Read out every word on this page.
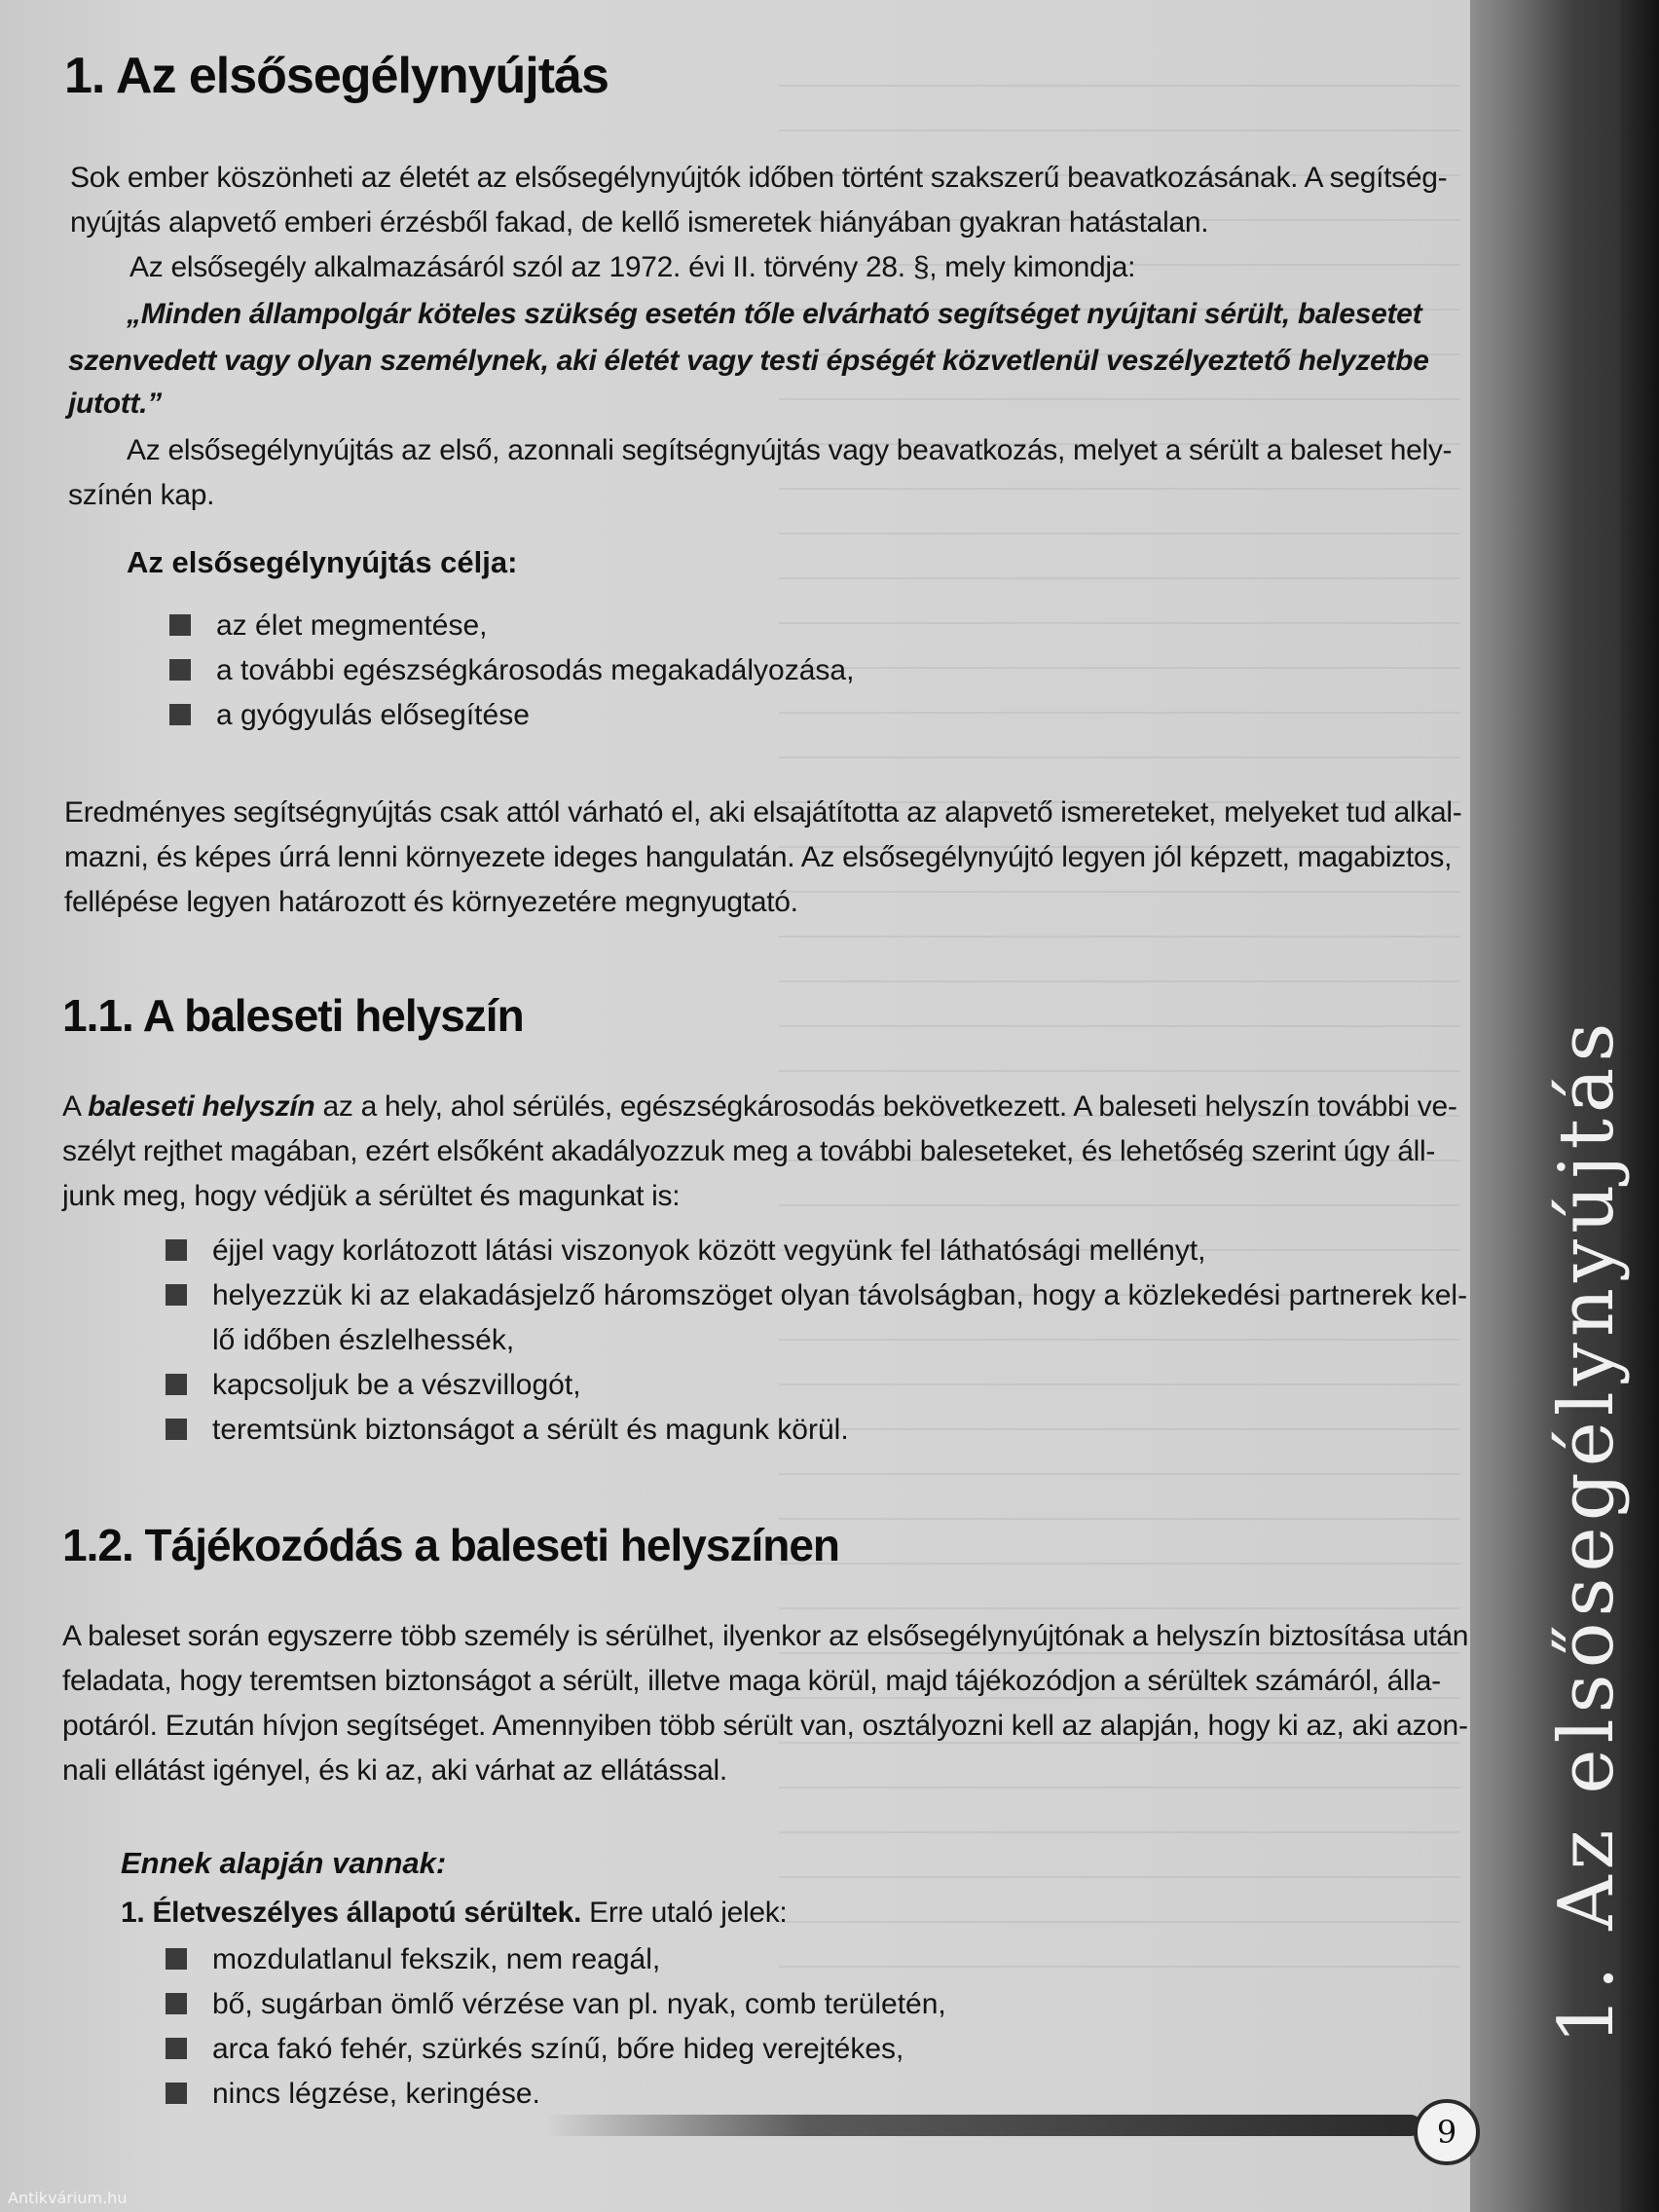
1. Az elsősegélynyújtás
1. Az elsősegélynyújtás

Sok ember köszönheti az életét az elsősegélynyújtók időben történt szakszerű beavatkozásának. A segítség-

nyújtás alapvető emberi érzésből fakad, de kellő ismeretek hiányában gyakran hatástalan.

Az elsősegély alkalmazásáról szól az 1972. évi II. törvény 28. §, mely kimondja:

„Minden állampolgár köteles szükség esetén tőle elvárható segítséget nyújtani sérült, balesetet

szenvedett vagy olyan személynek, aki életét vagy testi épségét közvetlenül veszélyeztető helyzetbe

jutott.”

Az elsősegélynyújtás az első, azonnali segítségnyújtás vagy beavatkozás, melyet a sérült a baleset hely-

színén kap.

Az elsősegélynyújtás célja:
az élet megmentése,
a további egészségkárosodás megakadályozása,
a gyógyulás elősegítése

Eredményes segítségnyújtás csak attól várható el, aki elsajátította az alapvető ismereteket, melyeket tud alkal-

mazni, és képes úrrá lenni környezete ideges hangulatán. Az elsősegélynyújtó legyen jól képzett, magabiztos,

fellépése legyen határozott és környezetére megnyugtató.

1.1. A baleseti helyszín

A baleseti helyszín az a hely, ahol sérülés, egészségkárosodás bekövetkezett. A baleseti helyszín további ve-

szélyt rejthet magában, ezért elsőként akadályozzuk meg a további baleseteket, és lehetőség szerint úgy áll-

junk meg, hogy védjük a sérültet és magunkat is:

éjjel vagy korlátozott látási viszonyok között vegyünk fel láthatósági mellényt,
helyezzük ki az elakadásjelző háromszöget olyan távolságban, hogy a közlekedési partnerek kel-
lő időben észlelhessék,
kapcsoljuk be a vészvillogót,
teremtsünk biztonságot a sérült és magunk körül.
1.2. Tájékozódás a baleseti helyszínen

A baleset során egyszerre több személy is sérülhet, ilyenkor az elsősegélynyújtónak a helyszín biztosítása után

feladata, hogy teremtsen biztonságot a sérült, illetve maga körül, majd tájékozódjon a sérültek számáról, álla-

potáról. Ezután hívjon segítséget. Amennyiben több sérült van, osztályozni kell az alapján, hogy ki az, aki azon-

nali ellátást igényel, és ki az, aki várhat az ellátással.

Ennek alapján vannak:

1. Életveszélyes állapotú sérültek. Erre utaló jelek:

mozdulatlanul fekszik, nem reagál,
bő, sugárban ömlő vérzése van pl. nyak, comb területén,
arca fakó fehér, szürkés színű, bőre hideg verejtékes,
nincs légzése, keringése.
9
Antikvárium.hu
